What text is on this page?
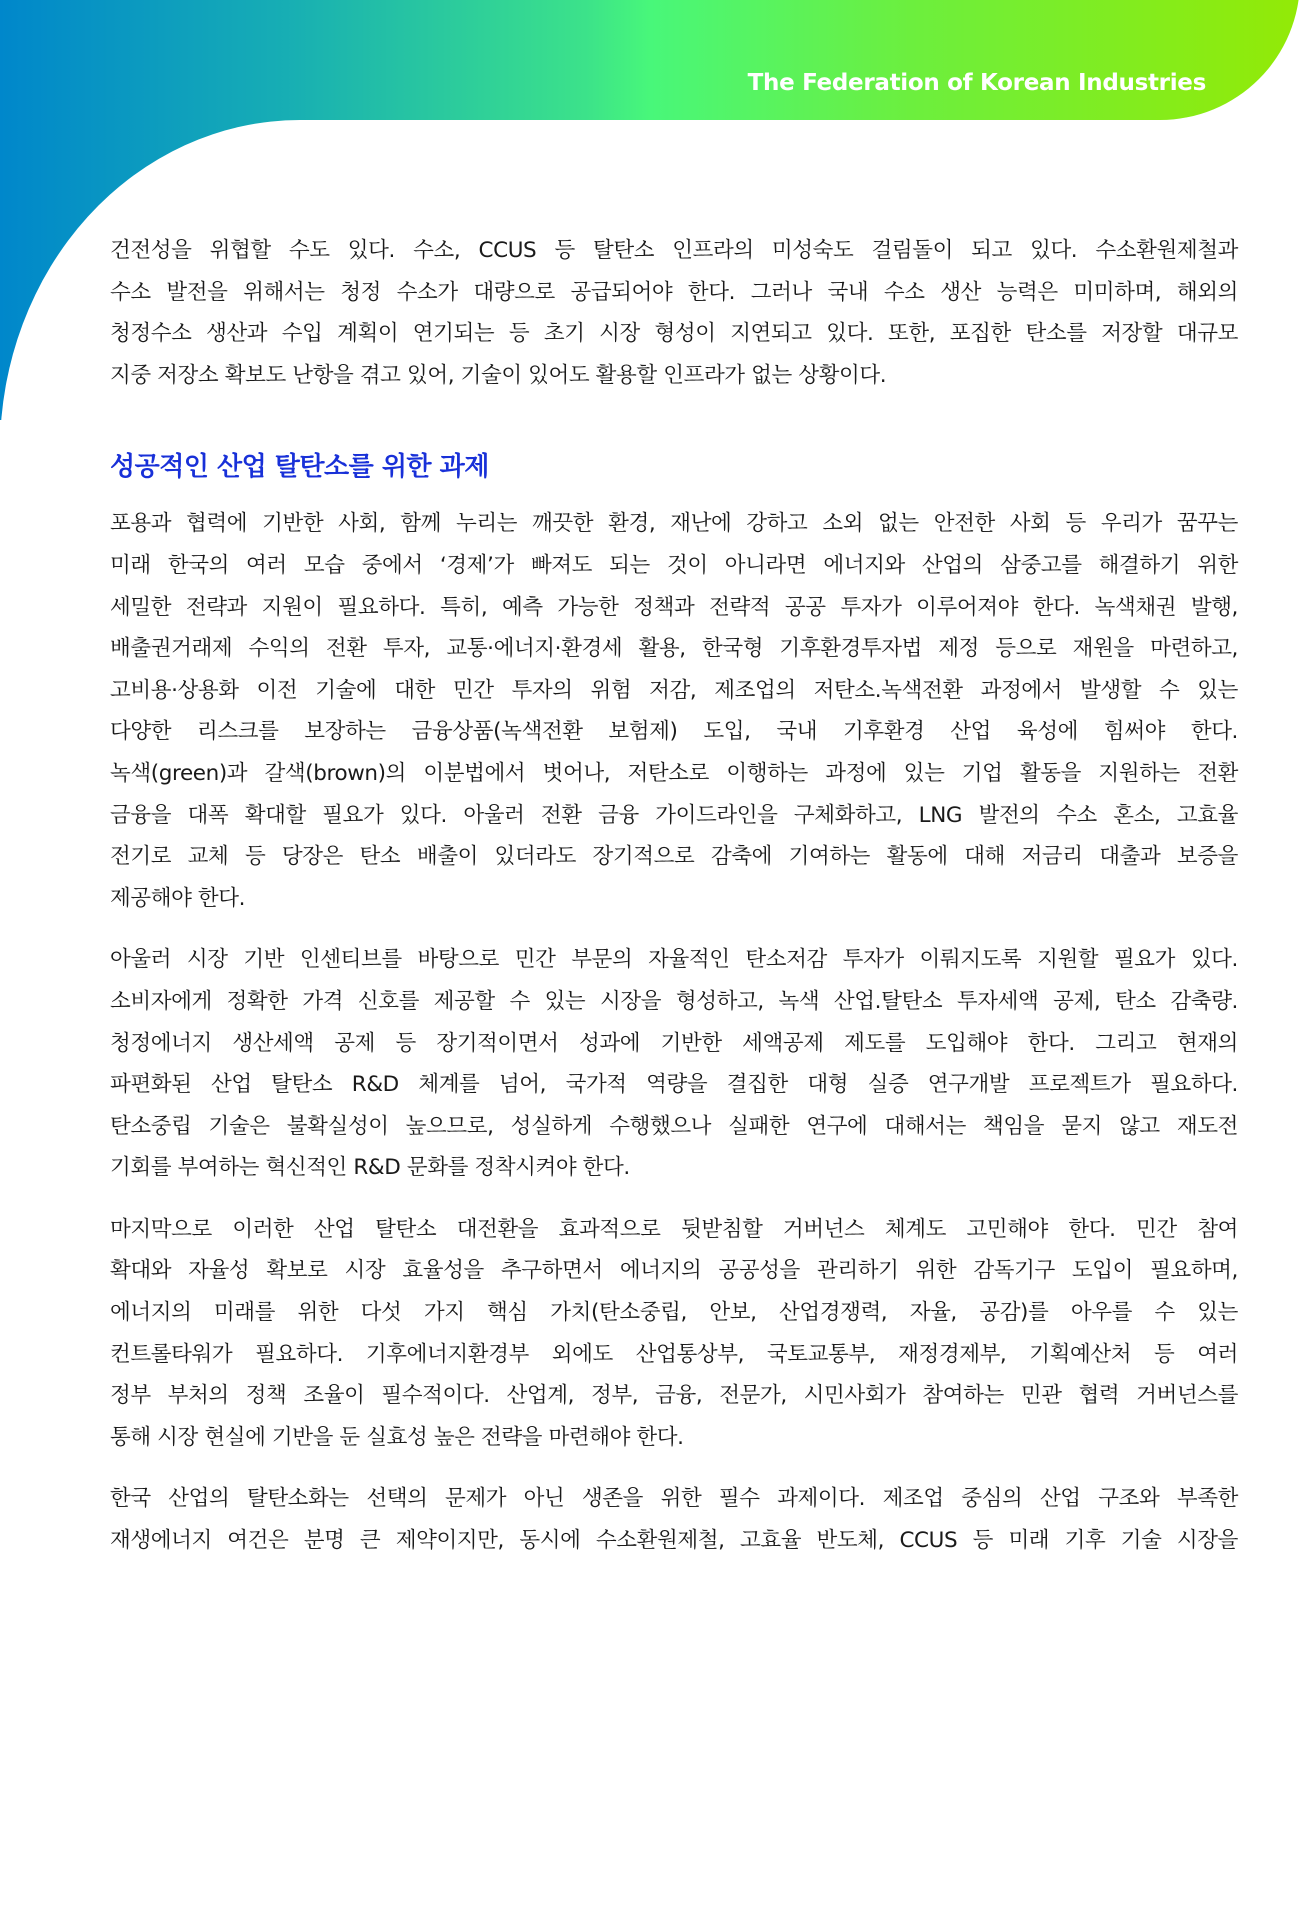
The Federation of Korean Industries
건전성을 위협할 수도 있다. 수소, CCUS 등 탈탄소 인프라의 미성숙도 걸림돌이 되고 있다. 수소환원제철과
수소 발전을 위해서는 청정 수소가 대량으로 공급되어야 한다. 그러나 국내 수소 생산 능력은 미미하며, 해외의
청정수소 생산과 수입 계획이 연기되는 등 초기 시장 형성이 지연되고 있다. 또한, 포집한 탄소를 저장할 대규모
지중 저장소 확보도 난항을 겪고 있어, 기술이 있어도 활용할 인프라가 없는 상황이다.
성공적인 산업 탈탄소를 위한 과제
포용과 협력에 기반한 사회, 함께 누리는 깨끗한 환경, 재난에 강하고 소외 없는 안전한 사회 등 우리가 꿈꾸는
미래 한국의 여러 모습 중에서 ‘경제’가 빠져도 되는 것이 아니라면 에너지와 산업의 삼중고를 해결하기 위한
세밀한 전략과 지원이 필요하다. 특히, 예측 가능한 정책과 전략적 공공 투자가 이루어져야 한다. 녹색채권 발행,
배출권거래제 수익의 전환 투자, 교통·에너지·환경세 활용, 한국형 기후환경투자법 제정 등으로 재원을 마련하고,
고비용·상용화 이전 기술에 대한 민간 투자의 위험 저감, 제조업의 저탄소.녹색전환 과정에서 발생할 수 있는
다양한 리스크를 보장하는 금융상품(녹색전환 보험제) 도입, 국내 기후환경 산업 육성에 힘써야 한다.
녹색(green)과 갈색(brown)의 이분법에서 벗어나, 저탄소로 이행하는 과정에 있는 기업 활동을 지원하는 전환
금융을 대폭 확대할 필요가 있다. 아울러 전환 금융 가이드라인을 구체화하고, LNG 발전의 수소 혼소, 고효율
전기로 교체 등 당장은 탄소 배출이 있더라도 장기적으로 감축에 기여하는 활동에 대해 저금리 대출과 보증을
제공해야 한다.
아울러 시장 기반 인센티브를 바탕으로 민간 부문의 자율적인 탄소저감 투자가 이뤄지도록 지원할 필요가 있다.
소비자에게 정확한 가격 신호를 제공할 수 있는 시장을 형성하고, 녹색 산업.탈탄소 투자세액 공제, 탄소 감축량.
청정에너지 생산세액 공제 등 장기적이면서 성과에 기반한 세액공제 제도를 도입해야 한다. 그리고 현재의
파편화된 산업 탈탄소 R&D 체계를 넘어, 국가적 역량을 결집한 대형 실증 연구개발 프로젝트가 필요하다.
탄소중립 기술은 불확실성이 높으므로, 성실하게 수행했으나 실패한 연구에 대해서는 책임을 묻지 않고 재도전
기회를 부여하는 혁신적인 R&D 문화를 정착시켜야 한다.
마지막으로 이러한 산업 탈탄소 대전환을 효과적으로 뒷받침할 거버넌스 체계도 고민해야 한다. 민간 참여
확대와 자율성 확보로 시장 효율성을 추구하면서 에너지의 공공성을 관리하기 위한 감독기구 도입이 필요하며,
에너지의 미래를 위한 다섯 가지 핵심 가치(탄소중립, 안보, 산업경쟁력, 자율, 공감)를 아우를 수 있는
컨트롤타워가 필요하다. 기후에너지환경부 외에도 산업통상부, 국토교통부, 재정경제부, 기획예산처 등 여러
정부 부처의 정책 조율이 필수적이다. 산업계, 정부, 금융, 전문가, 시민사회가 참여하는 민관 협력 거버넌스를
통해 시장 현실에 기반을 둔 실효성 높은 전략을 마련해야 한다.
한국 산업의 탈탄소화는 선택의 문제가 아닌 생존을 위한 필수 과제이다. 제조업 중심의 산업 구조와 부족한
재생에너지 여건은 분명 큰 제약이지만, 동시에 수소환원제철, 고효율 반도체, CCUS 등 미래 기후 기술 시장을
